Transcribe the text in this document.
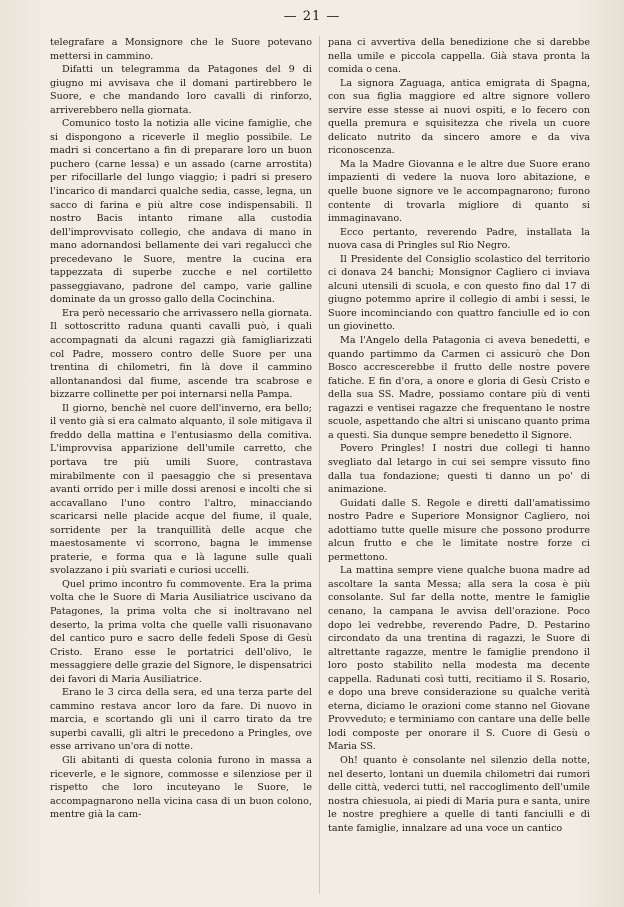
— 21 —

telegrafare a Monsignore che le Suore potevano mettersi in cammino.

Difatti un telegramma da Patagones del 9 di giugno mi avvisava che il domani partirebbero le Suore, e che mandando loro cavalli di rinforzo, arriverebbero nella giornata.

Comunico tosto la notizia alle vicine famiglie, che si dispongono a riceverle il meglio possibile. Le madri si concertano a fin di preparare loro un buon puchero (carne lessa) e un assado (carne arrostita) per rifocillarle del lungo viaggio; i padri si presero l'incarico di mandarci qualche sedia, casse, legna, un sacco di farina e più altre cose indispensabili. Il nostro Bacis intanto rimane alla custodia dell'improvvisato collegio, che andava di mano in mano adornandosi bellamente dei vari regaluccì che precedevano le Suore, mentre la cucina era tappezzata di superbe zucche e nel cortiletto passeggiavano, padrone del campo, varie galline dominate da un grosso gallo della Cocinchina.

Era però necessario che arrivassero nella giornata. Il sottoscritto raduna quanti cavalli può, i quali accompagnati da alcuni ragazzi già famigliarizzati col Padre, mossero contro delle Suore per una trentina di chilometri, fin là dove il cammino allontanandosi dal fiume, ascende tra scabrose e bizzarre collinette per poi internarsi nella Pampa.

Il giorno, benchè nel cuore dell'inverno, era bello; il vento già si era calmato alquanto, il sole mitigava il freddo della mattina e l'entusiasmo della comitiva. L'improvvisa apparizione dell'umile carretto, che portava tre più umili Suore, contrastava mirabilmente con il paesaggio che si presentava avanti orrido per i mille dossi arenosi e incolti che si accavallano l'uno contro l'altro, minacciando scaricarsi nelle placide acque del fiume, il quale, sorridente per la tranquillità delle acque che maestosamente vi scorrono, bagna le immense praterie, e forma qua e là lagune sulle quali svolazzano i più svariati e curiosi uccelli.

Quel primo incontro fu commovente. Era la prima volta che le Suore di Maria Ausiliatrice uscivano da Patagones, la prima volta che si inoltravano nel deserto, la prima volta che quelle valli risuonavano del cantico puro e sacro delle fedeli Spose di Gesù Cristo. Erano esse le portatrici dell'olivo, le messaggiere delle grazie del Signore, le dispensatrici dei favori di Maria Ausiliatrice.

Erano le 3 circa della sera, ed una terza parte del cammino restava ancor loro da fare. Di nuovo in marcia, e scortando gli uni il carro tirato da tre superbi cavalli, gli altri le precedono a Pringles, ove esse arrivano un'ora di notte.

Gli abitanti di questa colonia furono in massa a riceverle, e le signore, commosse e silenziose per il rispetto che loro incuteyano le Suore, le accompagnarono nella vicina casa di un buon colono, mentre già la cam-

pana ci avvertiva della benedizione che si darebbe nella umile e piccola cappella. Già stava pronta la comida o cena.

La signora Zaguaga, antica emigrata di Spagna, con sua figlia maggiore ed altre signore vollero servire esse stesse ai nuovi ospiti, e lo fecero con quella premura e squisitezza che rivela un cuore delicato nutrito da sincero amore e da viva riconoscenza.

Ma la Madre Giovanna e le altre due Suore erano impazienti di vedere la nuova loro abitazione, e quelle buone signore ve le accompagnarono; furono contente di trovarla migliore di quanto si immaginavano.

Ecco pertanto, reverendo Padre, installata la nuova casa di Pringles sul Rio Negro.

Il Presidente del Consiglio scolastico del territorio ci donava 24 banchi; Monsignor Cagliero ci inviava alcuni utensili di scuola, e con questo fino dal 17 di giugno potemmo aprire il collegio di ambi i sessi, le Suore incominciando con quattro fanciulle ed io con un giovinetto.

Ma l'Angelo della Patagonia ci aveva benedetti, e quando partimmo da Carmen ci assicurò che Don Bosco accrescerebbe il frutto delle nostre povere fatiche. E fin d'ora, a onore e gloria di Gesù Cristo e della sua SS. Madre, possiamo contare più di venti ragazzi e ventisei ragazze che frequentano le nostre scuole, aspettando che altri si uniscano quanto prima a questi. Sia dunque sempre benedetto il Signore.

Povero Pringles! I nostri due collegi ti hanno svegliato dal letargo in cui sei sempre vissuto fino dalla tua fondazione; questi ti danno un po' di animazione.

Guidati dalle S. Regole e diretti dall'amatissimo nostro Padre e Superiore Monsignor Cagliero, noi adottiamo tutte quelle misure che possono produrre alcun frutto e che le limitate nostre forze ci permettono.

La mattina sempre viene qualche buona madre ad ascoltare la santa Messa; alla sera la cosa è più consolante. Sul far della notte, mentre le famiglie cenano, la campana le avvisa dell'orazione. Poco dopo lei vedrebbe, reverendo Padre, D. Pestarino circondato da una trentina di ragazzi, le Suore di altrettante ragazze, mentre le famiglie prendono il loro posto stabilito nella modesta ma decente cappella. Radunati così tutti, recitiamo il S. Rosario, e dopo una breve considerazione su qualche verità eterna, diciamo le orazioni come stanno nel Giovane Provveduto; e terminiamo con cantare una delle belle lodi composte per onorare il S. Cuore di Gesù o Maria SS.

Oh! quanto è consolante nel silenzio della notte, nel deserto, lontani un duemila chilometri dai rumori delle città, vederci tutti, nel raccoglimento dell'umile nostra chiesuola, ai piedi di Maria pura e santa, unire le nostre preghiere a quelle di tanti fanciulli e di tante famiglie, innalzare ad una voce un cantico
